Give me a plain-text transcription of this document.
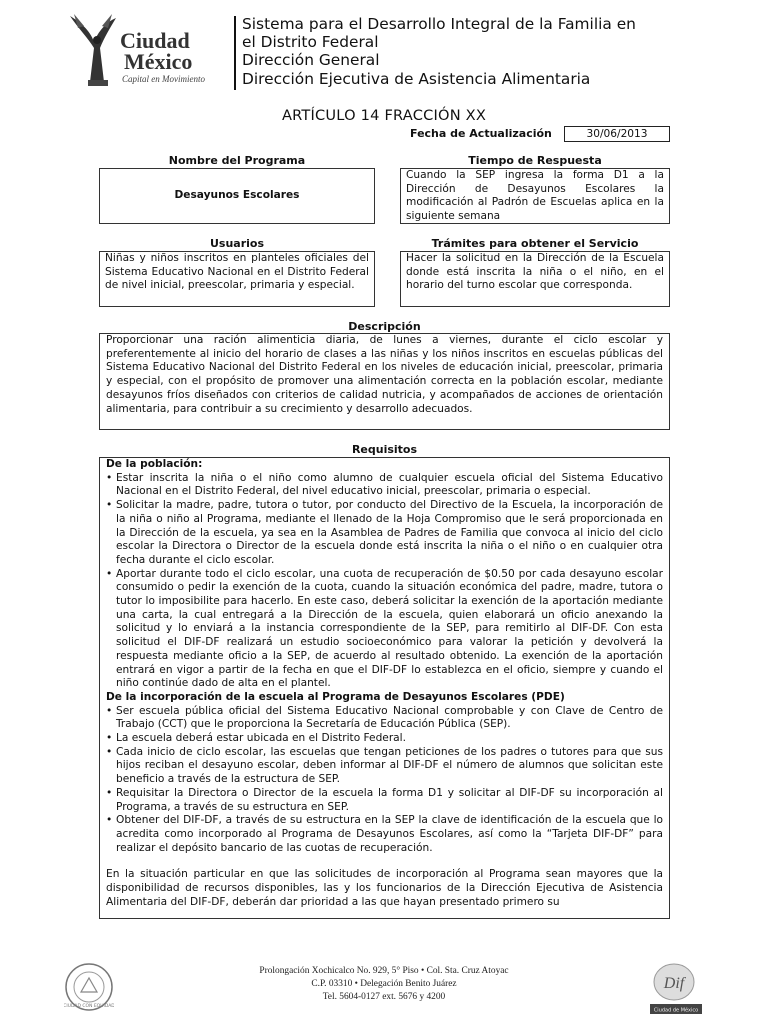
Ciudad
México
Capital en Movimiento
Sistema para el Desarrollo Integral de la Familia en
el Distrito Federal
Dirección General
Dirección Ejecutiva de Asistencia Alimentaria
ARTÍCULO 14 FRACCIÓN XX
Fecha de Actualización	30/06/2013
Nombre del Programa
Desayunos Escolares
Tiempo de Respuesta
Cuando la SEP ingresa la forma D1 a la Dirección de Desayunos Escolares la modificación al Padrón de Escuelas aplica en la siguiente semana
Usuarios
Niñas y niños inscritos en planteles oficiales del Sistema Educativo Nacional en el Distrito Federal de nivel inicial, preescolar, primaria y especial.
Trámites para obtener el Servicio
Hacer la solicitud en la Dirección de la Escuela donde está inscrita la niña o el niño, en el horario del turno escolar que corresponda.
Descripción
Proporcionar una ración alimenticia diaria, de lunes a viernes, durante el ciclo escolar y preferentemente al inicio del horario de clases a las niñas y los niños inscritos en escuelas públicas del Sistema Educativo Nacional del Distrito Federal en los niveles de educación inicial, preescolar, primaria y especial, con el propósito de promover una alimentación correcta en la población escolar, mediante desayunos fríos diseñados con criterios de calidad nutricia, y acompañados de acciones de orientación alimentaria, para contribuir a su crecimiento y desarrollo adecuados.
Requisitos
De la población:
• Estar inscrita la niña o el niño como alumno de cualquier escuela oficial del Sistema Educativo Nacional en el Distrito Federal, del nivel educativo inicial, preescolar, primaria o especial.
• Solicitar la madre, padre, tutora o tutor, por conducto del Directivo de la Escuela, la incorporación de la niña o niño al Programa, mediante el llenado de la Hoja Compromiso que le será proporcionada en la Dirección de la escuela, ya sea en la Asamblea de Padres de Familia que convoca al inicio del ciclo escolar la Directora o Director de la escuela donde está inscrita la niña o el niño o en cualquier otra fecha durante el ciclo escolar.
• Aportar durante todo el ciclo escolar, una cuota de recuperación de $0.50 por cada desayuno escolar consumido o pedir la exención de la cuota, cuando la situación económica del padre, madre, tutora o tutor lo imposibilite para hacerlo. En este caso, deberá solicitar la exención de la aportación mediante una carta, la cual entregará a la Dirección de la escuela, quien elaborará un oficio anexando la solicitud y lo enviará a la instancia correspondiente de la SEP, para remitirlo al DIF-DF. Con esta solicitud el DIF-DF realizará un estudio socioeconómico para valorar la petición y devolverá la respuesta mediante oficio a la SEP, de acuerdo al resultado obtenido. La exención de la aportación entrará en vigor a partir de la fecha en que el DIF-DF lo establezca en el oficio, siempre y cuando el niño continúe dado de alta en el plantel.
De la incorporación de la escuela al Programa de Desayunos Escolares (PDE)
• Ser escuela pública oficial del Sistema Educativo Nacional comprobable y con Clave de Centro de Trabajo (CCT) que le proporciona la Secretaría de Educación Pública (SEP).
• La escuela deberá estar ubicada en el Distrito Federal.
• Cada inicio de ciclo escolar, las escuelas que tengan peticiones de los padres o tutores para que sus hijos reciban el desayuno escolar, deben informar al DIF-DF el número de alumnos que solicitan este beneficio a través de la estructura de SEP.
• Requisitar la Directora o Director de la escuela la forma D1 y solicitar al DIF-DF su incorporación al Programa, a través de su estructura en SEP.
• Obtener del DIF-DF, a través de su estructura en la SEP la clave de identificación de la escuela que lo acredita como incorporado al Programa de Desayunos Escolares, así como la “Tarjeta DIF-DF” para realizar el depósito bancario de las cuotas de recuperación.
En la situación particular en que las solicitudes de incorporación al Programa sean mayores que la disponibilidad de recursos disponibles, las y los funcionarios de la Dirección Ejecutiva de Asistencia Alimentaria del DIF-DF, deberán dar prioridad a las que hayan presentado primero su
CIUDAD CON EQUIDAD
Prolongación Xochicalco No. 929, 5° Piso • Col. Sta. Cruz Atoyac
C.P. 03310 • Delegación Benito Juárez
Tel. 5604-0127 ext. 5676 y 4200
Dif
Ciudad de México
